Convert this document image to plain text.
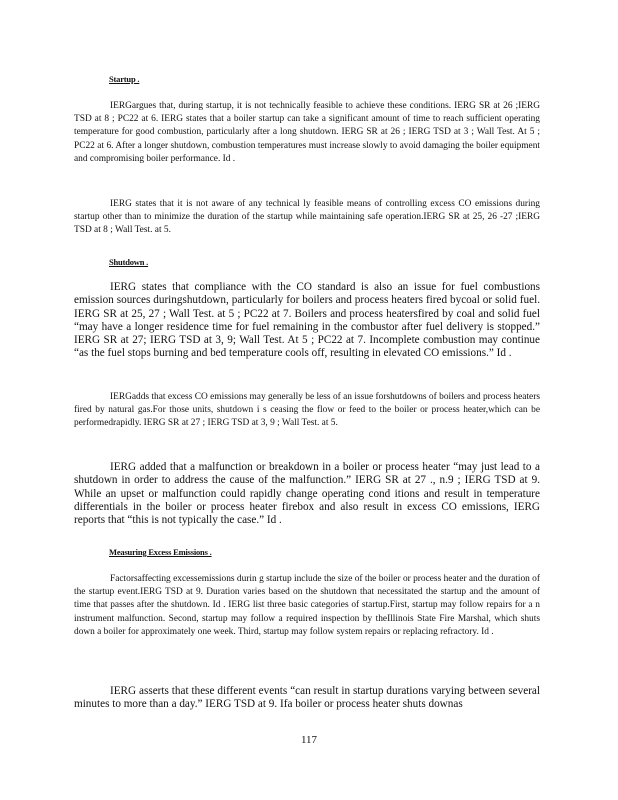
Startup .
IERGargues that, during startup, it is not technically feasible to achieve these conditions. IERG SR at 26 ;IERG TSD at 8 ; PC22 at 6. IERG states that a boiler startup can take a significant amount of time to reach sufficient operating temperature for good combustion, particularly after a long shutdown. IERG SR at 26 ; IERG TSD at 3 ; Wall Test. At 5 ; PC22 at 6. After a longer shutdown, combustion temperatures must increase slowly to avoid damaging the boiler equipment and compromising boiler performance. Id .
IERG states that it is not aware of any technical ly feasible means of controlling excess CO emissions during startup other than to minimize the duration of the startup while maintaining safe operation.IERG SR at 25, 26 -27 ;IERG TSD at 8 ; Wall Test. at 5.
Shutdown .
IERG states that compliance with the CO standard is also an issue for fuel combustions emission sources duringshutdown, particularly for boilers and process heaters fired bycoal or solid fuel. IERG SR at 25, 27 ; Wall Test. at 5 ; PC22 at 7. Boilers and process heatersfired by coal and solid fuel “may have a longer residence time for fuel remaining in the combustor after fuel delivery is stopped.” IERG SR at 27; IERG TSD at 3, 9; Wall Test. At 5 ; PC22 at 7. Incomplete combustion may continue “as the fuel stops burning and bed temperature cools off, resulting in elevated CO emissions.” Id .
IERGadds that excess CO emissions may generally be less of an issue forshutdowns of boilers and process heaters fired by natural gas.For those units, shutdown i s ceasing the flow or feed to the boiler or process heater,which can be performedrapidly. IERG SR at 27 ; IERG TSD at 3, 9 ; Wall Test. at 5.
IERG added that a malfunction or breakdown in a boiler or process heater “may just lead to a shutdown in order to address the cause of the malfunction.” IERG SR at 27 ., n.9 ; IERG TSD at 9. While an upset or malfunction could rapidly change operating cond itions and result in temperature differentials in the boiler or process heater firebox and also result in excess CO emissions, IERG reports that “this is not typically the case.” Id .
Measuring Excess Emissions .
Factorsaffecting excessemissions durin g startup include the size of the boiler or process heater and the duration of the startup event.IERG TSD at 9. Duration varies based on the shutdown that necessitated the startup and the amount of time that passes after the shutdown. Id . IERG list three basic categories of startup.First, startup may follow repairs for a n instrument malfunction. Second, startup may follow a required inspection by theIllinois State Fire Marshal, which shuts down a boiler for approximately one week. Third, startup may follow system repairs or replacing refractory. Id .
IERG asserts that these different events “can result in startup durations varying between several minutes to more than a day.” IERG TSD at 9. Ifa boiler or process heater shuts downas
117
